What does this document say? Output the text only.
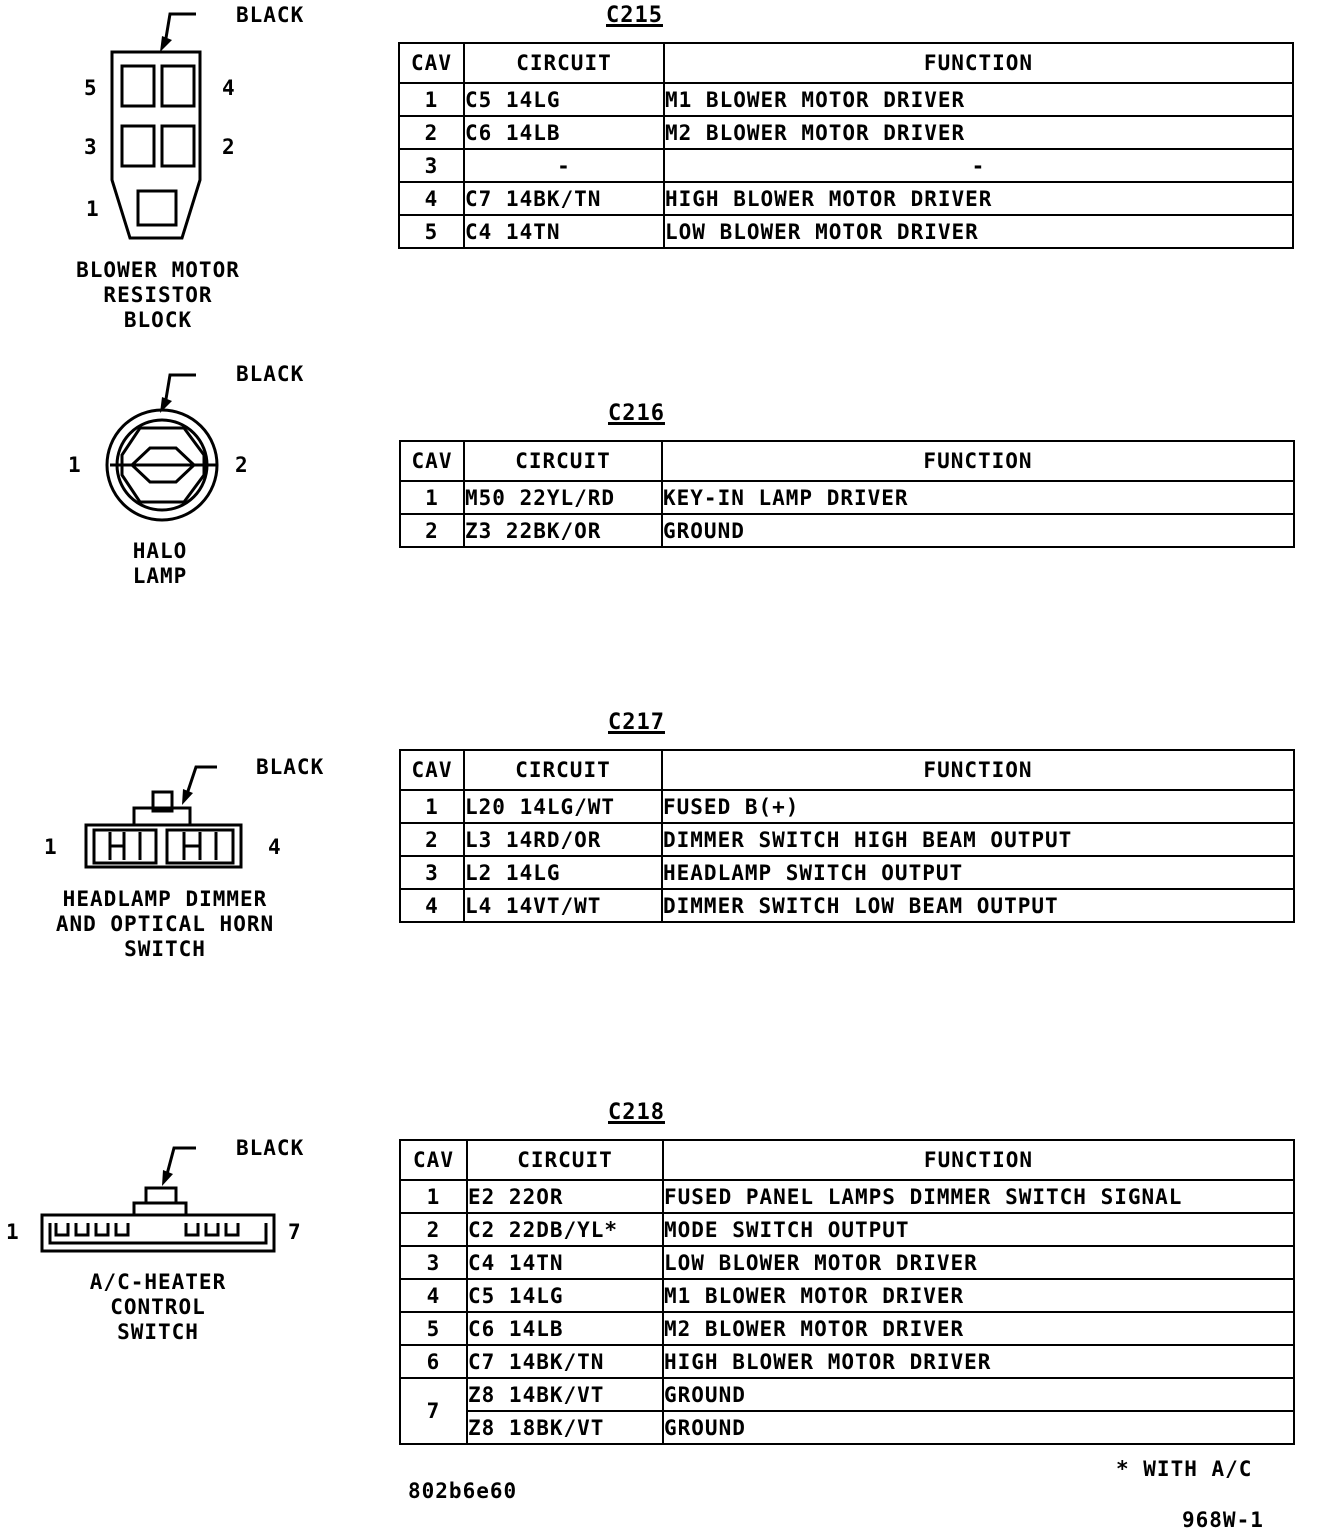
BLACK
5	4
3	2
1
BLOWER MOTOR
RESISTOR
BLOCK
BLACK
1	2
HALO
LAMP
BLACK
1	4
HEADLAMP DIMMER
AND OPTICAL HORN
SWITCH
BLACK
1	7
A/C-HEATER
CONTROL
SWITCH
C215
CAV	CIRCUIT	FUNCTION
1	C5 14LG	M1 BLOWER MOTOR DRIVER
2	C6 14LB	M2 BLOWER MOTOR DRIVER
3	-	-
4	C7 14BK/TN	HIGH BLOWER MOTOR DRIVER
5	C4 14TN	LOW BLOWER MOTOR DRIVER
C216
CAV	CIRCUIT	FUNCTION
1	M50 22YL/RD	KEY-IN LAMP DRIVER
2	Z3 22BK/OR	GROUND
C217
CAV	CIRCUIT	FUNCTION
1	L20 14LG/WT	FUSED B(+)
2	L3 14RD/OR	DIMMER SWITCH HIGH BEAM OUTPUT
3	L2 14LG	HEADLAMP SWITCH OUTPUT
4	L4 14VT/WT	DIMMER SWITCH LOW BEAM OUTPUT
C218
CAV	CIRCUIT	FUNCTION
1	E2 22OR	FUSED PANEL LAMPS DIMMER SWITCH SIGNAL
2	C2 22DB/YL*	MODE SWITCH OUTPUT
3	C4 14TN	LOW BLOWER MOTOR DRIVER
4	C5 14LG	M1 BLOWER MOTOR DRIVER
5	C6 14LB	M2 BLOWER MOTOR DRIVER
6	C7 14BK/TN	HIGH BLOWER MOTOR DRIVER
7	Z8 14BK/VT	GROUND
	Z8 18BK/VT	GROUND
* WITH A/C
802b6e60
968W-1
